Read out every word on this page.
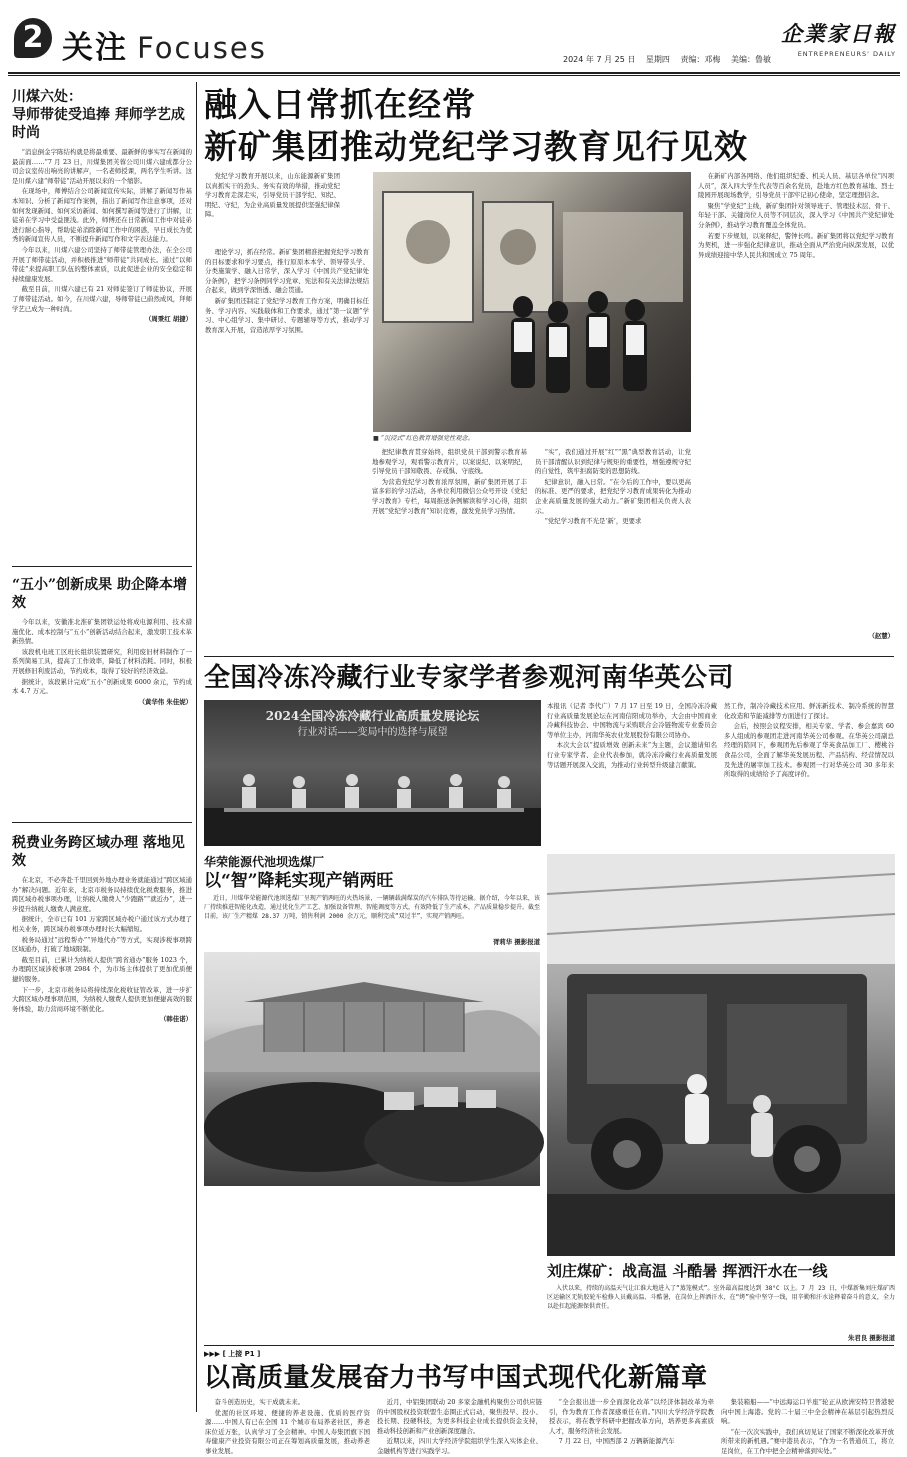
2 关注 Focuses	2024 年 7 月 25 日 星期四 责编：邓梅 美编：鲁敏
企業家日報
ENTREPRENEURS' DAILY
川煤六处：
导师带徒受追捧 拜师学艺成时尚

“消息倒金字陈结构就是将最重要、最新鲜的事实写在新闻的最前面……”7 月 23 日，川煤集团芙蓉公司川煤六建成都分公司会议室传出响亮的讲解声，一名老师授课，两名学生听讲。这是川煤六建“师带徒”活动开展以来的一个缩影。

在现场中，师傅结合公司新闻宣传实际，讲解了新闻写作基本知识、分析了新闻写作案例，指出了新闻写作注意事项，还对如何发现新闻、如何采访新闻、如何撰写新闻等进行了讲解，让徒弟在学习中受益匪浅。此外，师傅还在日常新闻工作中对徒弟进行耐心指导，帮助徒弟消除新闻工作中的困惑，早日成长为优秀的新闻宣传人员，不断提升新闻写作和文字表达能力。

今年以来，川煤六建公司坚持了师带徒管理办法，在全公司开展了师带徒活动，并积极推进“师带徒”共同成长。通过“以师带徒”来提高职工队伍的整体素质，以此促进企业的安全稳定和持续健康发展。

截至目前，川煤六建已有 21 对师徒签订了师徒协议，开展了师带徒活动。如今，在川煤六建，导师带徒已蔚然成风，拜师学艺已成为一种时尚。

（周秉红 胡捷）
“五小”创新成果 助企降本增效

今年以来，安徽准北淮矿集团铁运处将成电源利用、技术措施优化、成本控制与“五小”创新活动结合起来，激发职工技术革新热情。

该段机电班工区班长组织装置研究，利用废旧材料制作了一系列简易工具，提高了工作效率，降低了材料消耗。同时，积极开展修旧利废活动，节约成本，取得了较好的经济效益。

据统计，该段累计完成“五小”创新成果 6000 余元，节约成本 4.7 万元。

（黄华伟 朱佳妮）
税费业务跨区域办理 落地见效

在北京，不必奔赴千里回到外地办理业务就能通过“跨区域通办”解决问题。近年来，北京市税务局持续优化税费服务，推进跨区域办税事项办理，让纳税人缴费人“少跑路”“就近办”，进一步提升纳税人缴费人满意度。

据统计，全市已有 101 万家跨区域办税户通过该方式办理了相关业务，跨区域办税事项办理时长大幅缩短。

税务局通过“远程帮办”“异地代办”等方式，实现涉税事项跨区域通办，打破了地域限制。

截至目前，已累计为纳税人提供“跨省通办”服务 1023 个，办理跨区域涉税事项 2984 个，为市场主体提供了更加优质便捷的服务。

下一步，北京市税务局将持续深化税收征管改革，进一步扩大跨区域办理事项范围，为纳税人缴费人提供更加便捷高效的服务体验，助力营商环境不断优化。

（韩佳诺）
融入日常抓在经常
新矿集团推动党纪学习教育见行见效

党纪学习教育开展以来，山东能源新矿集团以真抓实干的劲头、务实有效的举措，推动党纪学习教育走深走实，引导党员干部学纪、知纪、明纪、守纪，为企业高质量发展提供坚强纪律保障。

■ “沉浸式”红色教育增强党性观念。

理论学习，抓在经常。新矿集团精准把握党纪学习教育的目标要求和学习要点，推行原原本本学、领导带头学、分类施策学、融入日常学，深入学习《中国共产党纪律处分条例》，把学习条例同学习党章、宪法和有关法律法规结合起来，做到学深悟透、融会贯通。

新矿集团还制定了党纪学习教育工作方案，明确目标任务、学习内容、实践载体和工作要求，通过“第一议题”学习、中心组学习、集中研讨、专题辅导等方式，推动学习教育深入开展，营造浓厚学习氛围。

把纪律教育贯穿始终，组织党员干部到警示教育基地参观学习，观看警示教育片，以案说纪、以案明纪，引导党员干部知敬畏、存戒惧、守底线。

为营造党纪学习教育浓厚氛围，新矿集团开展了丰富多彩的学习活动，各单位利用微信公众号开设《党纪学习教育》专栏，每周推送条例解读和学习心得，组织开展“党纪学习教育”知识竞赛，激发党员学习热情。

“实”，我们通过开展“红”“黑”典型教育活动，让党员干部清醒认识到纪律与规矩的重要性，增强遵规守纪的自觉性，筑牢拒腐防变的思想防线。

纪律意识，融入日常。“在今后的工作中，要以更高的标准、更严的要求，把党纪学习教育成果转化为推动企业高质量发展的强大动力。”新矿集团相关负责人表示。

“党纪学习教育不光是‘新’，更要求

在新矿内部各网络、他们组织纪委、机关人员、基层各单位“四项人员”，深入四大学生代表等百余名党员，赴地方红色教育基地、烈士陵园开展现场教学，引导党员干部牢记初心使命，坚定理想信念。

聚焦“学党纪”主线，新矿集团针对领导班子、管理技术层、骨干、年轻干部、关键岗位人员等不同层次，深入学习《中国共产党纪律处分条例》，推动学习教育覆盖全体党员。

若要下步规划，以案释纪，警钟长鸣。新矿集团将以党纪学习教育为契机，进一步强化纪律意识，推动全面从严治党向纵深发展，以优异成绩迎接中华人民共和国成立 75 周年。

（赵慧）
全国冷冻冷藏行业专家学者参观河南华英公司
2024全国冷冻冷藏行业高质量发展论坛
行业对话——变局中的选择与展望

本报讯（记者 李代广）7 月 17 日至 19 日，全国冷冻冷藏行业高质量发展论坛在河南信阳成功举办，大会由中国商业冷藏科技协会、中国物流与采购联合会冷链物流专业委员会等单位主办，河南华英农业发展股份有限公司协办。

本次大会以“提质增效 创新未来”为主题，会议邀请知名行业专家学者、企业代表参加，就冷冻冷藏行业高质量发展等话题开展深入交流，为推动行业转型升级建言献策。

然工作，制冷冷藏技术应用、鲜冻新技术、制冷系统的智慧化改造和节能减排等方面进行了探讨。

会后，按照会议程安排，相关专家、学者、参会嘉宾 60 多人组成的参观团走进河南华英公司参观。在华英公司副总经理的陪同下，参观团先后参观了华英食品加工厂、樱桃谷食品公司，全面了解华英发展历程、产品结构、经营情况以及先进的屠宰加工技术。参观团一行对华英公司 30 多年来所取得的成绩给予了高度评价。

华荣能源代池坝选煤厂
以“智”降耗实现产销两旺
近日，川煤华荣能源代池坝选煤厂呈现产销两旺的火热场景，一辆辆载满煤炭的汽车排队等待运输。据介绍，今年以来，该厂持续推进智能化改造，通过优化生产工艺、加强设备管理、智能调度等方式，有效降低了生产成本，产品质量稳步提升。截至目前，该厂生产精煤 28.37 万吨，销售利润 2000 余万元，顺利完成“双过半”，实现产销两旺。
胥莉华 摄影报道
刘庄煤矿：战高温 斗酷暑 挥洒汗水在一线
入伏以来，持续的高温天气让江淮大地进入了“蒸笼模式”。室外最高温度达到 38°C 以上。7 月 23 日，中煤新集刘庄煤矿西区运输区无轨胶轮车检修人员戴高温、斗酷暑，在岗位上挥洒汗水，在“烤”验中坚守一线，用辛勤和汗水诠释着奋斗的意义，全力以赴扛起能源保供责任。
朱君良 摄影报道
▶▶▶ [ 上接 P1 ]
以高质量发展奋力书写中国式现代化新篇章

奋斗创造历史，实干成就未来。

优渥的社区环境、便捷的养老设施、优质的医疗资源……中国人有已在全国 11 个城市布局养老社区，养老床位近万张，认真学习了全会精神。中国人寿集团旗下国寿健康产业投资有限公司正在筹划高质量发展，推动养老事业发展。

近月，中铝集团联动 20 多家金融机构聚焦公司供应链的中国股权投资联盟生态圈正式启动，聚焦投早、投小、投长期、投硬科技，为更多科技企业成长提供资金支持，推动科技创新和产业创新深度融合。

近期以来，四川大学经济学院组织学生深入实体企业、金融机构等进行实践学习。

“全会报出进一步全面深化改革”以经济体制改革为牵引，作为教育工作者深感重任在肩。”四川大学经济学院教授表示，将在教学科研中把握改革方向，培养更多高素质人才，服务经济社会发展。

7 月 22 日，中国西部 2 万辆新能源汽车

集装箱船——“中远海运口羊座”轮正从欧洲安特卫普港驶向中国上海港。党的二十届三中全会精神在基层引起热烈反响。

“在一次次实践中，我们真切见证了国家不断深化改革开放所带来的新机遇。”赛中港员表示，“作为一名普通员工，将立足岗位，在工作中把全会精神落到实处。”
